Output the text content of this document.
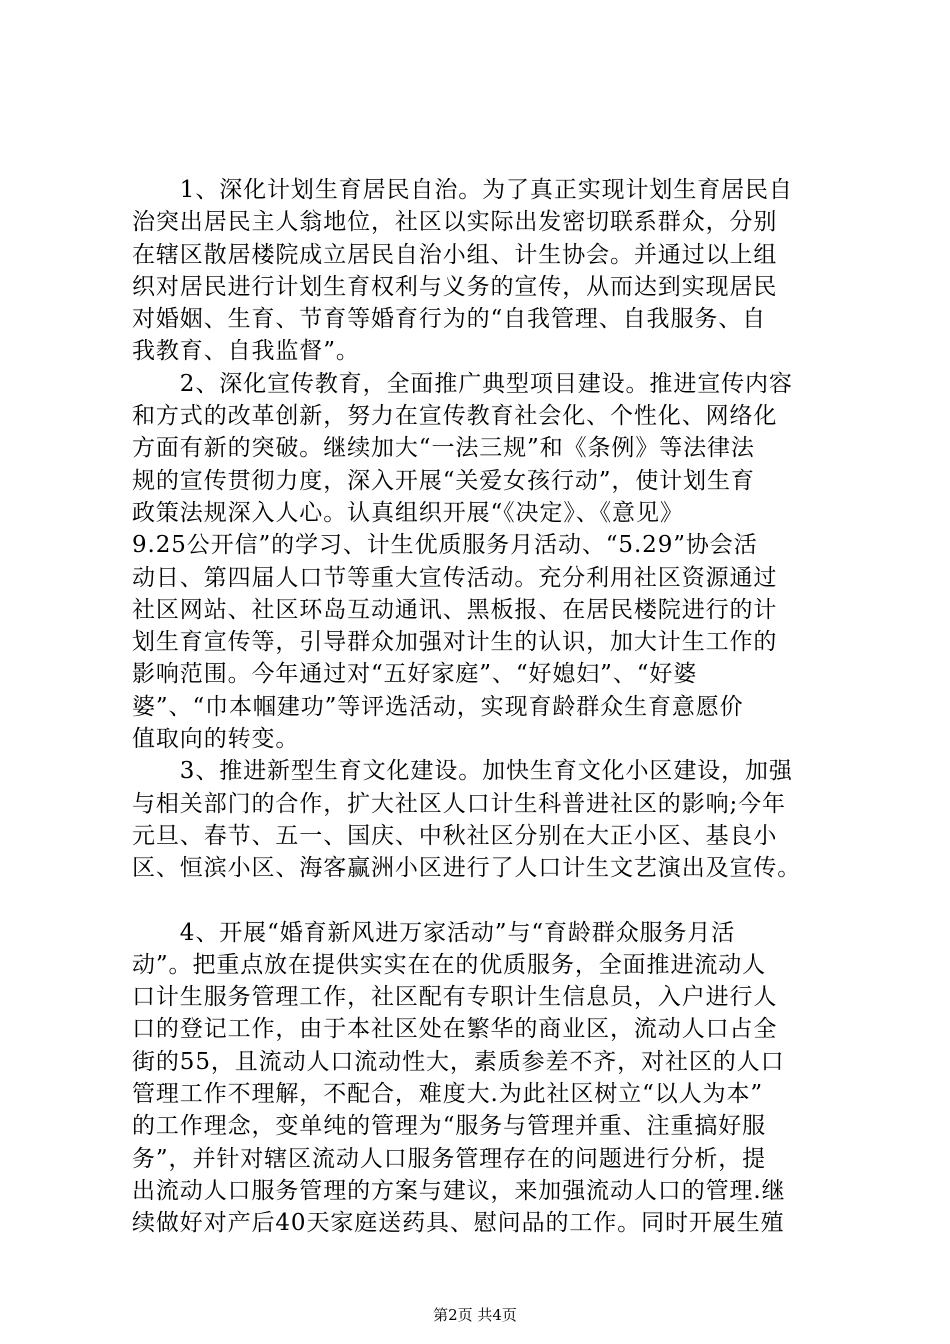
　　1、深化计划生育居民自治。为了真正实现计划生育居民自
治突出居民主人翁地位，社区以实际出发密切联系群众，分别
在辖区散居楼院成立居民自治小组、计生协会。并通过以上组
织对居民进行计划生育权利与义务的宣传，从而达到实现居民
对婚姻、生育、节育等婚育行为的“自我管理、自我服务、自
我教育、自我监督”。
　　2、深化宣传教育，全面推广典型项目建设。推进宣传内容
和方式的改革创新，努力在宣传教育社会化、个性化、网络化
方面有新的突破。继续加大“一法三规”和《条例》等法律法
规的宣传贯彻力度，深入开展“关爱女孩行动”，使计划生育
政策法规深入人心。认真组织开展“《决定》、《意见》
9.25公开信”的学习、计生优质服务月活动、“5.29”协会活
动日、第四届人口节等重大宣传活动。充分利用社区资源通过
社区网站、社区环岛互动通讯、黑板报、在居民楼院进行的计
划生育宣传等，引导群众加强对计生的认识，加大计生工作的
影响范围。今年通过对“五好家庭”、“好媳妇”、“好婆
婆”、“巾本帼建功”等评选活动，实现育龄群众生育意愿价
值取向的转变。
　　3、推进新型生育文化建设。加快生育文化小区建设，加强
与相关部门的合作，扩大社区人口计生科普进社区的影响;今年
元旦、春节、五一、国庆、中秋社区分别在大正小区、基良小
区、恒滨小区、海客赢洲小区进行了人口计生文艺演出及宣传。
　　4、开展“婚育新风进万家活动”与“育龄群众服务月活
动”。把重点放在提供实实在在的优质服务，全面推进流动人
口计生服务管理工作，社区配有专职计生信息员，入户进行人
口的登记工作，由于本社区处在繁华的商业区，流动人口占全
街的55，且流动人口流动性大，素质参差不齐，对社区的人口
管理工作不理解，不配合，难度大.为此社区树立“以人为本”
的工作理念，变单纯的管理为“服务与管理并重、注重搞好服
务”，并针对辖区流动人口服务管理存在的问题进行分析，提
出流动人口服务管理的方案与建议，来加强流动人口的管理.继
续做好对产后40天家庭送药具、慰问品的工作。同时开展生殖
第2页 共4页
